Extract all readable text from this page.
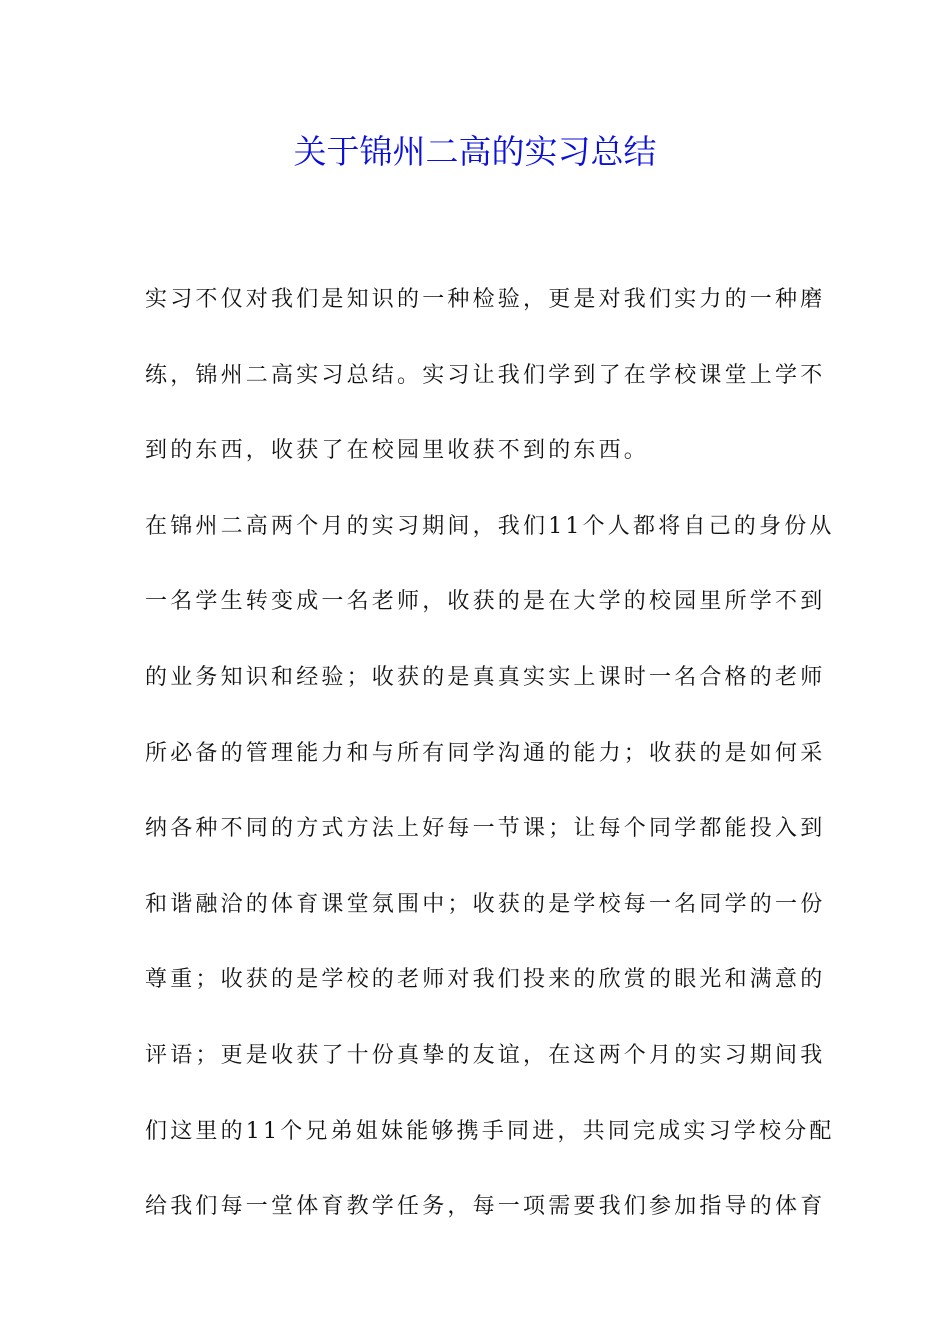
关于锦州二高的实习总结
实习不仅对我们是知识的一种检验，更是对我们实力的一种磨
练，锦州二高实习总结。实习让我们学到了在学校课堂上学不
到的东西，收获了在校园里收获不到的东西。
在锦州二高两个月的实习期间，我们11个人都将自己的身份从
一名学生转变成一名老师，收获的是在大学的校园里所学不到
的业务知识和经验；收获的是真真实实上课时一名合格的老师
所必备的管理能力和与所有同学沟通的能力；收获的是如何采
纳各种不同的方式方法上好每一节课；让每个同学都能投入到
和谐融洽的体育课堂氛围中；收获的是学校每一名同学的一份
尊重；收获的是学校的老师对我们投来的欣赏的眼光和满意的
评语；更是收获了十份真挚的友谊，在这两个月的实习期间我
们这里的11个兄弟姐妹能够携手同进，共同完成实习学校分配
给我们每一堂体育教学任务，每一项需要我们参加指导的体育
